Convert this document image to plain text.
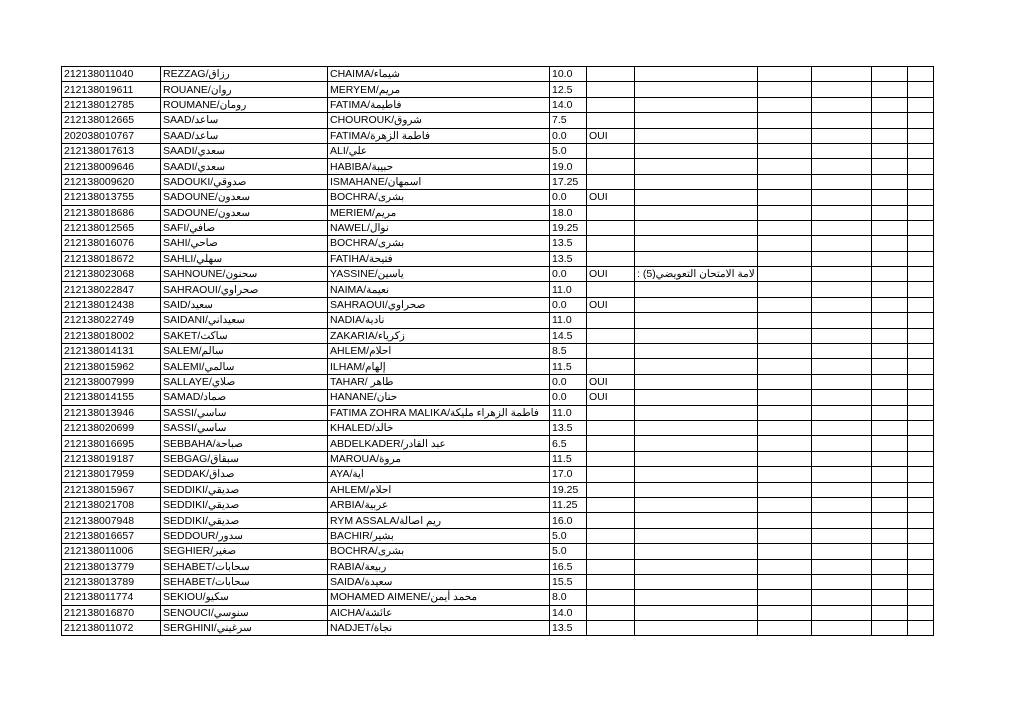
212138011040	REZZAG/رزاق	CHAIMA/شيماء	10.0		

212138019611	ROUANE/روان	MERYEM/مريم	12.5		

212138012785	ROUMANE/رومان	FATIMA/فاطيمة	14.0		

212138012665	SAAD/ساعد	CHOUROUK/شروق	7.5		

202038010767	SAAD/ساعد	FATIMA/فاطمة الزهرة	0.0	OUI	

212138017613	SAADI/سعدي	ALI/علي	5.0		

212138009646	SAADI/سعدي	HABIBA/حبيبة	19.0		

212138009620	SADOUKI/صدوقي	ISMAHANE/اسمهان	17.25		

212138013755	SADOUNE/سعدون	BOCHRA/بشرى	0.0	OUI	

212138018686	SADOUNE/سعدون	MERIEM/مريم	18.0		

212138012565	SAFI/صافي	NAWEL/نوال	19.25		

212138016076	SAHI/صاحي	BOCHRA/بشرى	13.5		

212138018672	SAHLI/سهلي	FATIHA/فتيحة	13.5		

212138023068	SAHNOUNE/سحنون	YASSINE/ياسين	0.0	OUI	لامة الامتحان التعويضي(5) :				

212138022847	SAHRAOUI/صحراوي	NAIMA/نعيمة	11.0		

212138012438	SAID/سعيد	SAHRAOUI/صحراوي	0.0	OUI	

212138022749	SAIDANI/سعيداني	NADIA/نادية	11.0		

212138018002	SAKET/ساكت	ZAKARIA/زكرياء	14.5		

212138014131	SALEM/سالم	AHLEM/احلام	8.5		

212138015962	SALEMI/سالمي	ILHAM/إلهام	11.5		

212138007999	SALLAYE/صلاي	TAHAR/ طاهر	0.0	OUI	

212138014155	SAMAD/صماد	HANANE/حنان	0.0	OUI	

212138013946	SASSI/ساسي	FATIMA ZOHRA MALIKA/فاطمة الزهراء مليكة	11.0		

212138020699	SASSI/ساسي	KHALED/خالد	13.5		

212138016695	SEBBAHA/صباحة	ABDELKADER/عبد القادر	6.5		

212138019187	SEBGAG/سبقاق	MAROUA/مروة	11.5		

212138017959	SEDDAK/صداق	AYA/اية	17.0		

212138015967	SEDDIKI/صديقي	AHLEM/احلام	19.25		

212138021708	SEDDIKI/صديقي	ARBIA/عربية	11.25		

212138007948	SEDDIKI/صديقي	RYM ASSALA/ريم اصالة	16.0		

212138016657	SEDDOUR/سدور	BACHIR/بشير	5.0		

212138011006	SEGHIER/صغير	BOCHRA/بشرى	5.0		

212138013779	SEHABET/سحابات	RABIA/ربيعة	16.5		

212138013789	SEHABET/سحابات	SAIDA/سعيدة	15.5		

212138011774	SEKIOU/سكيو	MOHAMED AIMENE/محمد أيمن	8.0		

212138016870	SENOUCI/سنوسي	AICHA/عائشة	14.0		

212138011072	SERGHINI/سرغيني	NADJET/نجاة	13.5		
